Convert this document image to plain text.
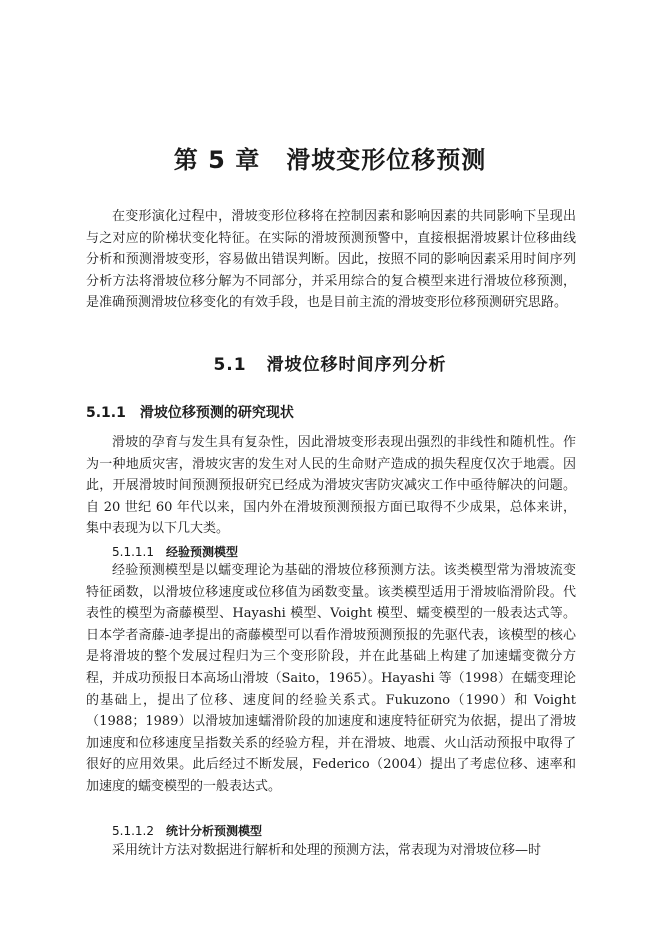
第 5 章 滑坡变形位移预测

在变形演化过程中，滑坡变形位移将在控制因素和影响因素的共同影响下呈现出与之对应的阶梯状变化特征。在实际的滑坡预测预警中，直接根据滑坡累计位移曲线分析和预测滑坡变形，容易做出错误判断。因此，按照不同的影响因素采用时间序列分析方法将滑坡位移分解为不同部分，并采用综合的复合模型来进行滑坡位移预测，是准确预测滑坡位移变化的有效手段，也是目前主流的滑坡变形位移预测研究思路。

5.1 滑坡位移时间序列分析
5.1.1 滑坡位移预测的研究现状

滑坡的孕育与发生具有复杂性，因此滑坡变形表现出强烈的非线性和随机性。作为一种地质灾害，滑坡灾害的发生对人民的生命财产造成的损失程度仅次于地震。因此，开展滑坡时间预测预报研究已经成为滑坡灾害防灾减灾工作中亟待解决的问题。自 20 世纪 60 年代以来，国内外在滑坡预测预报方面已取得不少成果，总体来讲，集中表现为以下几大类。

5.1.1.1 经验预测模型

经验预测模型是以蠕变理论为基础的滑坡位移预测方法。该类模型常为滑坡流变特征函数，以滑坡位移速度或位移值为函数变量。该类模型适用于滑坡临滑阶段。代表性的模型为斋藤模型、Hayashi 模型、Voight 模型、蠕变模型的一般表达式等。日本学者斋藤-迪孝提出的斋藤模型可以看作滑坡预测预报的先驱代表，该模型的核心是将滑坡的整个发展过程归为三个变形阶段，并在此基础上构建了加速蠕变微分方程，并成功预报日本高场山滑坡（Saito，1965）。Hayashi 等（1998）在蠕变理论的基础上，提出了位移、速度间的经验关系式。Fukuzono（1990）和 Voight（1988；1989）以滑坡加速蠕滑阶段的加速度和速度特征研究为依据，提出了滑坡加速度和位移速度呈指数关系的经验方程，并在滑坡、地震、火山活动预报中取得了很好的应用效果。此后经过不断发展，Federico（2004）提出了考虑位移、速率和加速度的蠕变模型的一般表达式。

5.1.1.2 统计分析预测模型

采用统计方法对数据进行解析和处理的预测方法，常表现为对滑坡位移—时
